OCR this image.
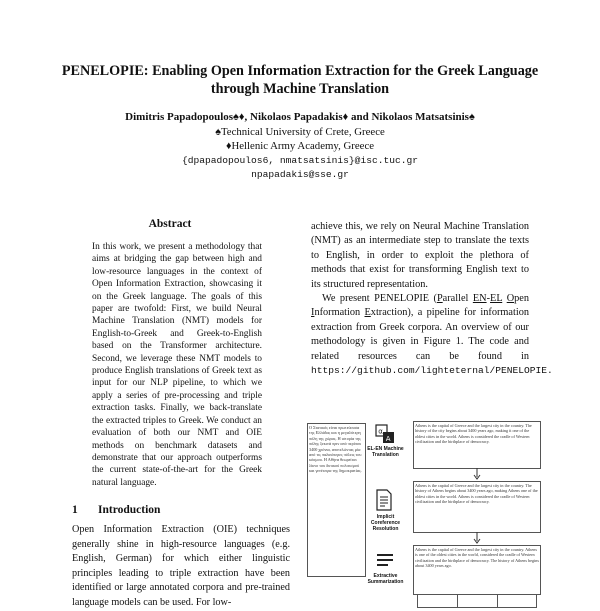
PENELOPIE: Enabling Open Information Extraction for the Greek Language
through Machine Translation
Dimitris Papadopoulos♠♦, Nikolaos Papadakis♦ and Nikolaos Matsatsinis♠
♠Technical University of Crete, Greece
♦Hellenic Army Academy, Greece
{dpapadopoulos6, nmatsatsinis}@isc.tuc.gr
npapadakis@sse.gr
Abstract
In this work, we present a methodology that aims at bridging the gap between high and low-resource languages in the context of Open Information Extraction, showcasing it on the Greek language. The goals of this paper are twofold: First, we build Neural Machine Translation (NMT) models for English-to-Greek and Greek-to-English based on the Transformer architecture. Second, we leverage these NMT models to produce English translations of Greek text as input for our NLP pipeline, to which we apply a series of pre-processing and triple extraction tasks. Finally, we back-translate the extracted triples to Greek. We conduct an evaluation of both our NMT and OIE methods on benchmark datasets and demonstrate that our approach outperforms the current state-of-the-art for the Greek natural language.
1 Introduction
Open Information Extraction (OIE) techniques generally shine in high-resource languages (e.g. English, German) for which either linguistic principles leading to triple extraction have been identified or large annotated corpora and pre-trained language models can be used. For low-

achieve this, we rely on Neural Machine Translation (NMT) as an intermediate step to translate the texts to English, in order to exploit the plethora of methods that exist for transforming English text to its structured representation.

We present PENELOPIE (Parallel EN-EL Open Information Extraction), a pipeline for information extraction from Greek corpora. An overview of our methodology is given in Figure 1. The code and related resources can be found in https://github.com/lighteternal/PENELOPIE.

Ο Στατικός είναι πρωτεύουσα της Ελλάδας και η μεγαλύτερη πόλη της χώρας. Η ιστορία της πόλης ξεκινά πριν από περίπου 3400 χρόνια, αποτελώντας μία από τις παλαιότερες πόλεις του κόσμου. Η Αθήνα θεωρείται λίκνο του δυτικού πολιτισμού και γενέτειρα της δημοκρατίας.
α
A
EL-EN Machine Translation
Athens is the capital of Greece and the largest city in the country. The history of the city begins about 3400 years ago, making it one of the oldest cities in the world. Athens is considered the cradle of Western civilization and the birthplace of democracy.
Implicit Coreference Resolution
Athens is the capital of Greece and the largest city in the country. The history of Athens begins about 3400 years ago, making Athens one of the oldest cities in the world. Athens is considered the cradle of Western civilization and the birthplace of democracy.
Extractive Summarization
Athens is the capital of Greece and the largest city in the country. Athens is one of the oldest cities in the world, considered the cradle of Western civilization and the birthplace of democracy. The history of Athens begins about 3400 years ago.
